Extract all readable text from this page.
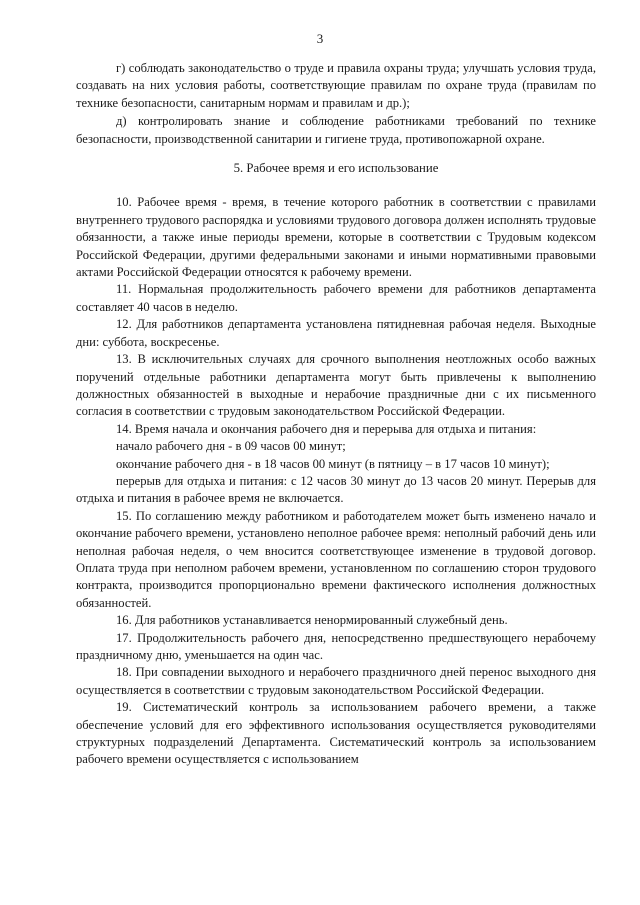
3

г) соблюдать законодательство о труде и правила охраны труда; улучшать условия труда, создавать на них условия работы, соответствующие правилам по охране труда (правилам по технике безопасности, санитарным нормам и правилам и др.);

д) контролировать знание и соблюдение работниками требований по технике безопасности, производственной санитарии и гигиене труда, противопожарной охране.

5. Рабочее время и его использование

10. Рабочее время - время, в течение которого работник в соответствии с правилами внутреннего трудового распорядка и условиями трудового договора должен исполнять трудовые обязанности, а также иные периоды времени, которые в соответствии с Трудовым кодексом Российской Федерации, другими федеральными законами и иными нормативными правовыми актами Российской Федерации относятся к рабочему времени.

11. Нормальная продолжительность рабочего времени для работников департамента составляет 40 часов в неделю.

12. Для работников департамента установлена пятидневная рабочая неделя. Выходные дни: суббота, воскресенье.

13. В исключительных случаях для срочного выполнения неотложных особо важных поручений отдельные работники департамента могут быть привлечены к выполнению должностных обязанностей в выходные и нерабочие праздничные дни с их письменного согласия в соответствии с трудовым законодательством Российской Федерации.

14. Время начала и окончания рабочего дня и перерыва для отдыха и питания:

начало рабочего дня - в 09 часов 00 минут;

окончание рабочего дня - в 18 часов 00 минут (в пятницу – в 17 часов 10 минут);

перерыв для отдыха и питания: с 12 часов 30 минут до 13 часов 20 минут. Перерыв для отдыха и питания в рабочее время не включается.

15. По соглашению между работником и работодателем может быть изменено начало и окончание рабочего времени, установлено неполное рабочее время: неполный рабочий день или неполная рабочая неделя, о чем вносится соответствующее изменение в трудовой договор. Оплата труда при неполном рабочем времени, установленном по соглашению сторон трудового контракта, производится пропорционально времени фактического исполнения должностных обязанностей.

16. Для работников устанавливается ненормированный служебный день.

17. Продолжительность рабочего дня, непосредственно предшествующего нерабочему праздничному дню, уменьшается на один час.

18. При совпадении выходного и нерабочего праздничного дней перенос выходного дня осуществляется в соответствии с трудовым законодательством Российской Федерации.

19. Систематический контроль за использованием рабочего времени, а также обеспечение условий для его эффективного использования осуществляется руководителями структурных подразделений Департамента. Систематический контроль за использованием рабочего времени осуществляется с использованием
